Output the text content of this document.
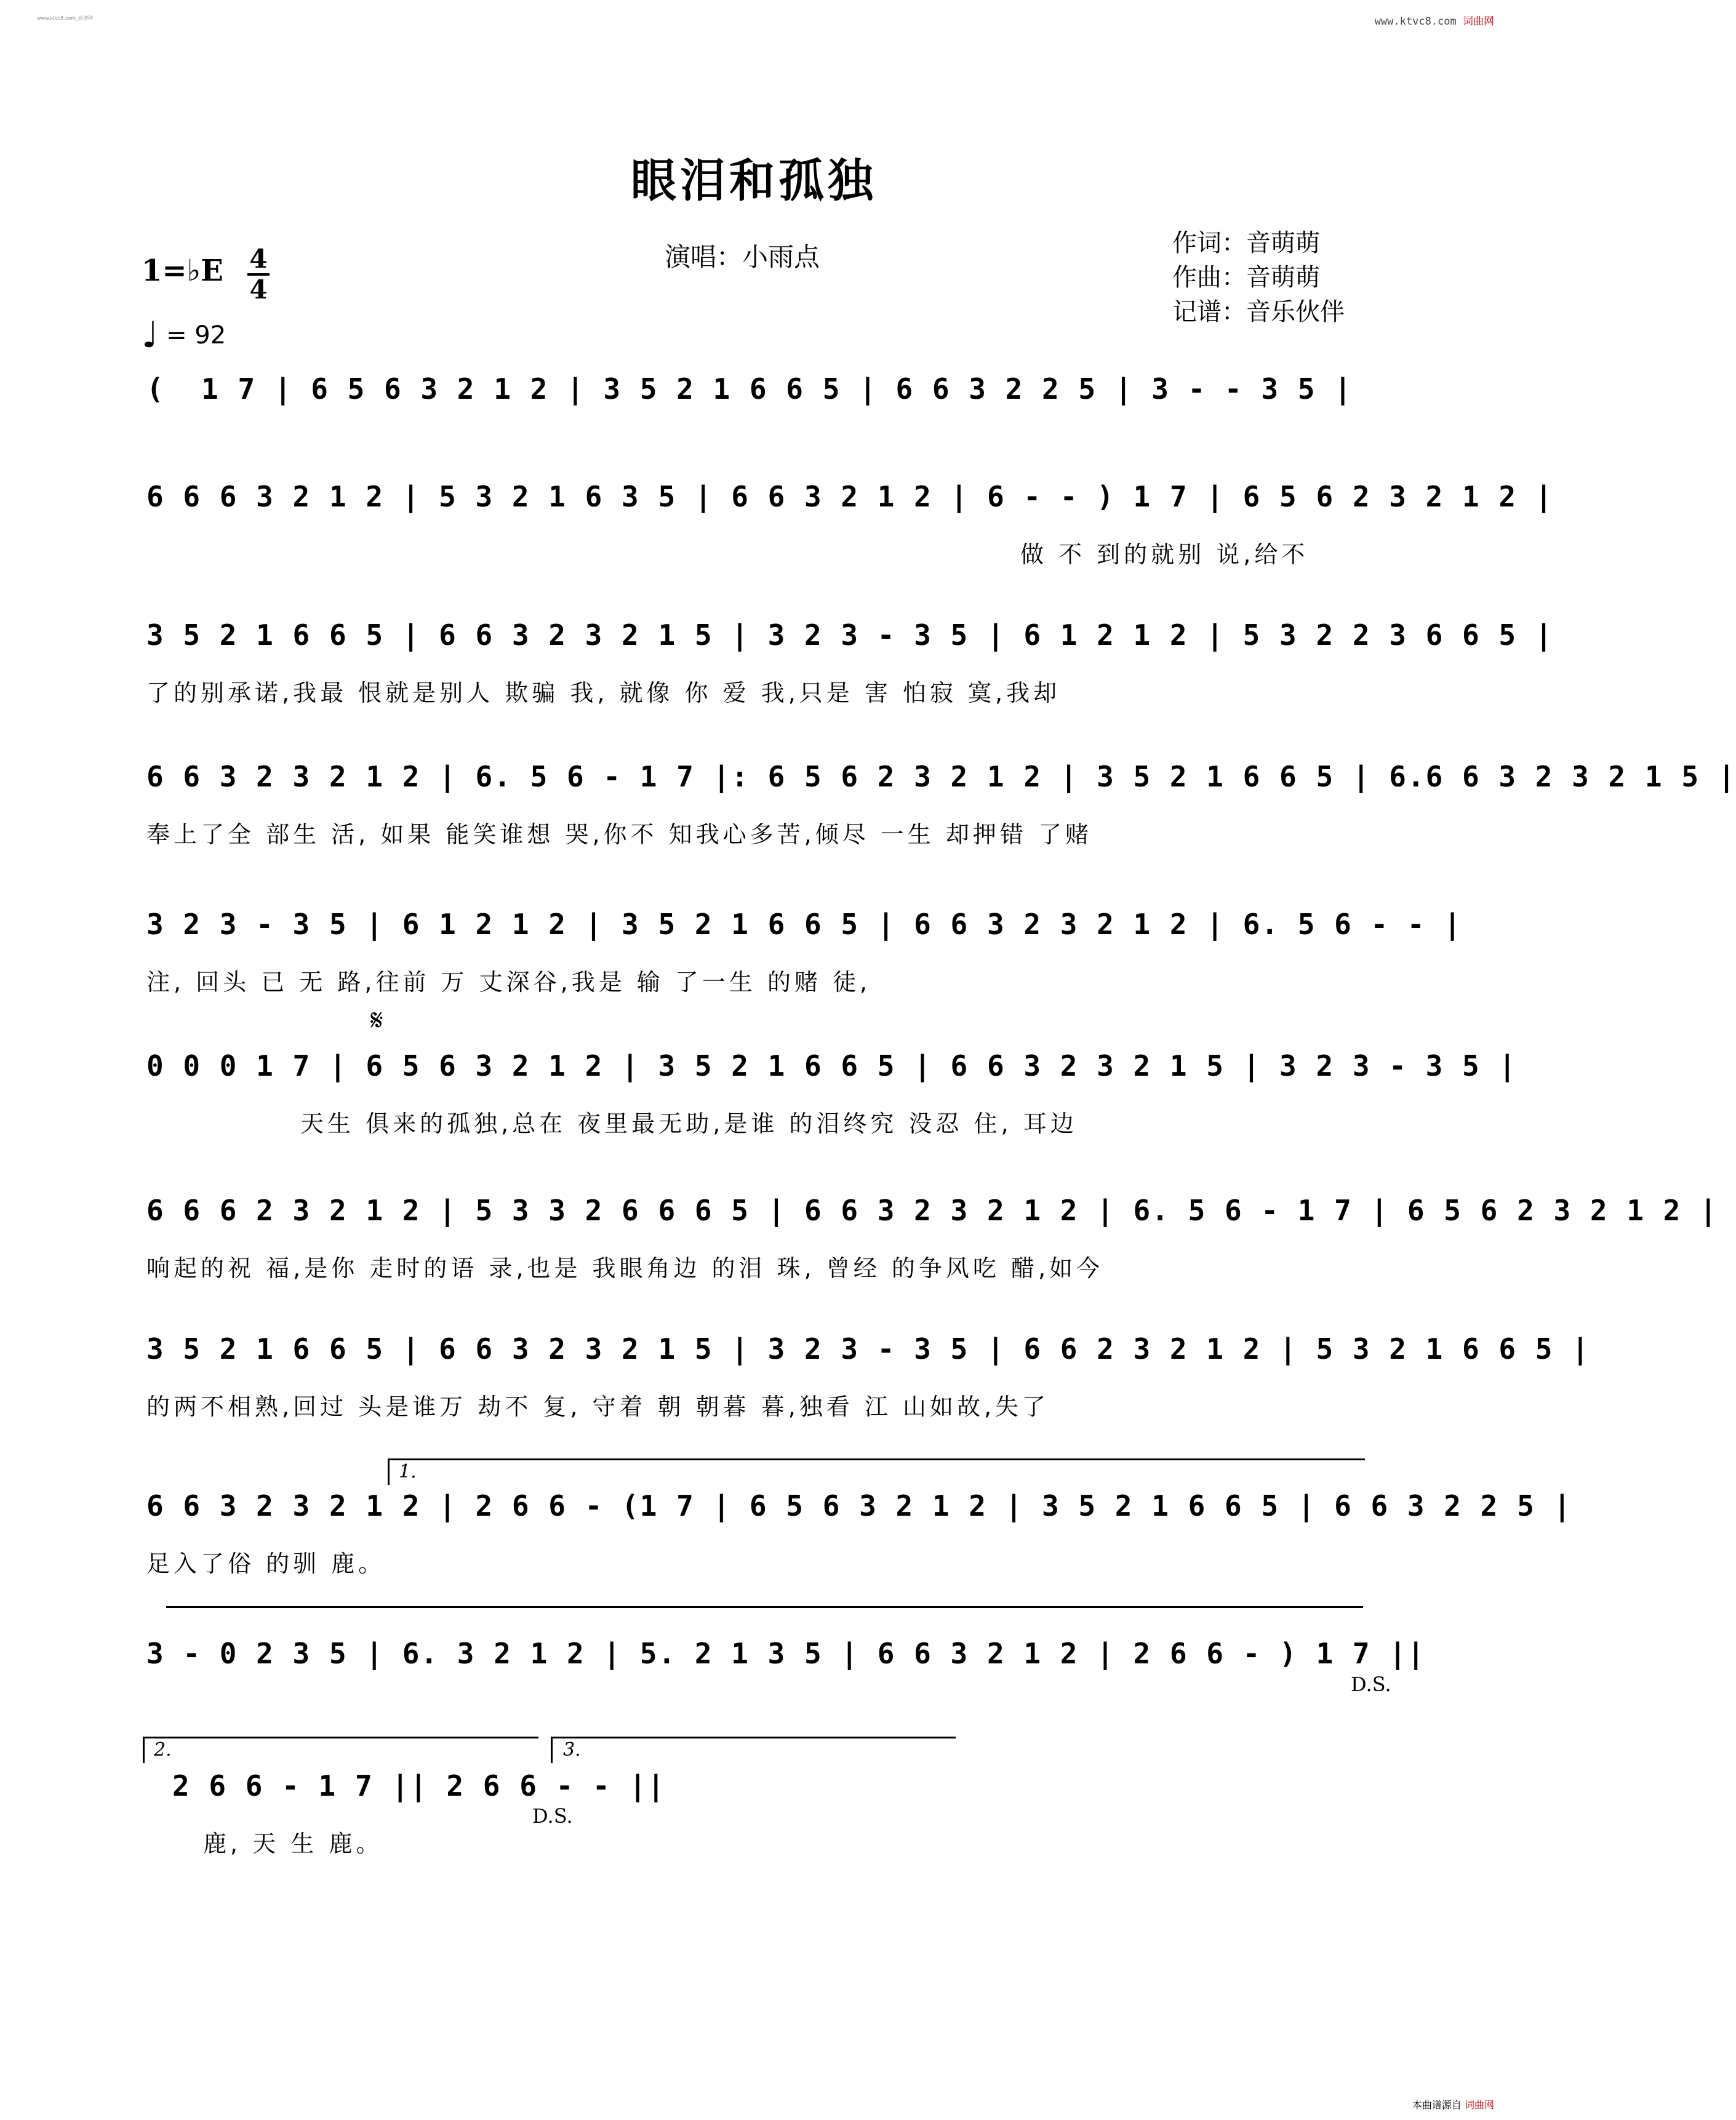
www.ktvc8.com_曲谱网	www.ktvc8.com 词曲网
眼泪和孤独
演唱：小雨点	作词：音萌萌
作曲：音萌萌
记谱：音乐伙伴
1=♭E 4
4
♩ = 92
(  1 7 | 6 5 6 3 2 1 2 | 3 5 2 1 6 6 5 | 6 6 3 2 2 5 | 3 - - 3 5 |
6 6 6 3 2 1 2 | 5 3 2 1 6 3 5 | 6 6 3 2 1 2 | 6 - - ) 1 7 | 6 5 6 2 3 2 1 2 |
做 不 到的就别 说,给不
3 5 2 1 6 6 5 | 6 6 3 2 3 2 1 5 | 3 2 3 - 3 5 | 6 1 2 1 2 | 5 3 2 2 3 6 6 5 |
了的别承诺,我最 恨就是别人 欺骗 我, 就像 你 爱 我,只是 害 怕寂 寞,我却
6 6 3 2 3 2 1 2 | 6. 5 6 - 1 7 |: 6 5 6 2 3 2 1 2 | 3 5 2 1 6 6 5 | 6.6 6 3 2 3 2 1 5 |
奉上了全 部生 活, 如果 能笑谁想 哭,你不 知我心多苦,倾尽 一生 却押错 了赌
3 2 3 - 3 5 | 6 1 2 1 2 | 3 5 2 1 6 6 5 | 6 6 3 2 3 2 1 2 | 6. 5 6 - - |
注, 回头 已 无 路,往前 万 丈深谷,我是 输 了一生 的赌 徒,
𝄋
0 0 0 1 7 | 6 5 6 3 2 1 2 | 3 5 2 1 6 6 5 | 6 6 3 2 3 2 1 5 | 3 2 3 - 3 5 |
天生 俱来的孤独,总在 夜里最无助,是谁 的泪终究 没忍 住, 耳边
6 6 6 2 3 2 1 2 | 5 3 3 2 6 6 6 5 | 6 6 3 2 3 2 1 2 | 6. 5 6 - 1 7 | 6 5 6 2 3 2 1 2 |
响起的祝 福,是你 走时的语 录,也是 我眼角边 的泪 珠, 曾经 的争风吃 醋,如今
3 5 2 1 6 6 5 | 6 6 3 2 3 2 1 5 | 3 2 3 - 3 5 | 6 6 2 3 2 1 2 | 5 3 2 1 6 6 5 |
的两不相熟,回过 头是谁万 劫不 复, 守着 朝 朝暮 暮,独看 江 山如故,失了
1.
6 6 3 2 3 2 1 2 | 2 6 6 - (1 7 | 6 5 6 3 2 1 2 | 3 5 2 1 6 6 5 | 6 6 3 2 2 5 |
足入了俗 的驯 鹿。
3 - 0 2 3 5 | 6. 3 2 1 2 | 5. 2 1 3 5 | 6 6 3 2 1 2 | 2 6 6 - ) 1 7 ||
D.S.
2.	3.
2 6 6 - 1 7 || 2 6 6 - - ||
鹿, 天 生 鹿。
D.S.
本曲谱源自 词曲网
